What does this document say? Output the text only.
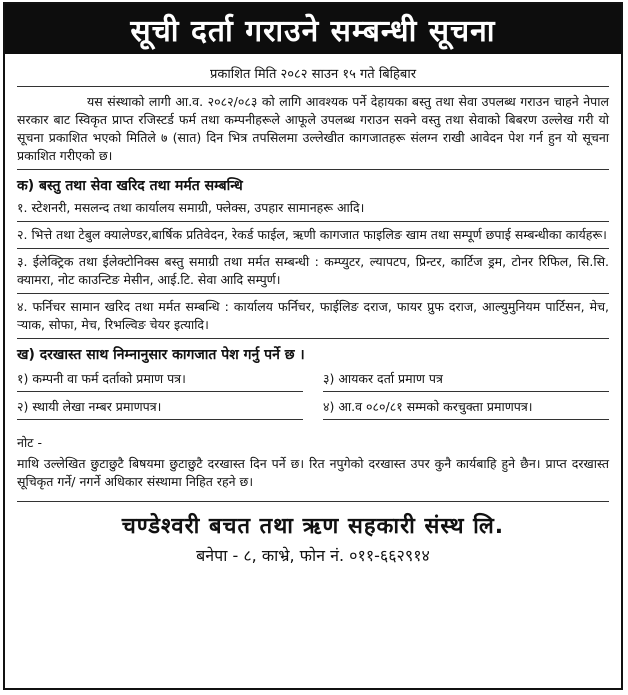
सूची दर्ता गराउने सम्बन्धी सूचना
प्रकाशित मिति २०८२ साउन १५ गते बिहिबार
यस संस्थाको लागी आ.व. २०८२/०८३ को लागि आवश्यक पर्ने देहायका बस्तु तथा सेवा उपलब्ध गराउन चाहने नेपाल सरकार बाट स्विकृत प्राप्त रजिस्टर्ड फर्म तथा कम्पनीहरूले आफूले उपलब्ध गराउन सक्ने वस्तु तथा सेवाको बिबरण उल्लेख गरी यो सूचना प्रकाशित भएको मितिले ७ (सात) दिन भित्र तपसिलमा उल्लेखीत कागजातहरू संलग्न राखी आवेदन पेश गर्न हुन यो सूचना प्रकाशित गरीएको छ।
क) बस्तु तथा सेवा खरिद तथा मर्मत सम्बन्धि
१. स्टेशनरी, मसलन्द तथा कार्यालय समाग्री, फ्लेक्स, उपहार सामानहरू आदि।
२. भित्ते तथा टेबुल क्यालेण्डर,बार्षिक प्रतिवेदन, रेकर्ड फाईल, ऋणी कागजात फाइलिङ खाम तथा सम्पूर्ण छपाई सम्बन्धीका कार्यहरू।
३. ईलेक्ट्रिक तथा ईलेक्टोनिक्स बस्तु समाग्री तथा मर्मत सम्बन्धी : कम्प्युटर, ल्यापटप, प्रिन्टर, कार्टिज ड्रम, टोनर रिफिल, सि.सि. क्यामरा, नोट काउन्टिङ मेसीन, आई.टि. सेवा आदि सम्पुर्ण।
४. फर्निचर सामान खरिद तथा मर्मत सम्बन्धि : कार्यालय फर्निचर, फाईलिङ दराज, फायर प्रुफ दराज, आल्युमुनियम पार्टिसन, मेच, र्‍याक, सोफा, मेच, रिभल्विङ चेयर इत्यादि।
ख) दरखास्त साथ निम्नानुसार कागजात पेश गर्नु पर्ने छ ।
१) कम्पनी वा फर्म दर्ताको प्रमाण पत्र।	३) आयकर दर्ता प्रमाण पत्र
२) स्थायी लेखा नम्बर प्रमाणपत्र।	४) आ.व ०८०/८१ सम्मको करचुक्ता प्रमाणपत्र।
नोट -
माथि उल्लेखित छुटाछुटै बिषयमा छुटाछुटै दरखास्त दिन पर्ने छ। रित नपुगेको दरखास्त उपर कुनै कार्यबाहि हुने छैन। प्राप्त दरखास्त सूचिकृत गर्ने/ नगर्ने अधिकार संस्थामा निहित रहने छ।
चण्डेश्वरी बचत तथा ऋण सहकारी संस्थ लि.
बनेपा - ८, काभ्रे, फोन नं. ०११-६६२९१४
